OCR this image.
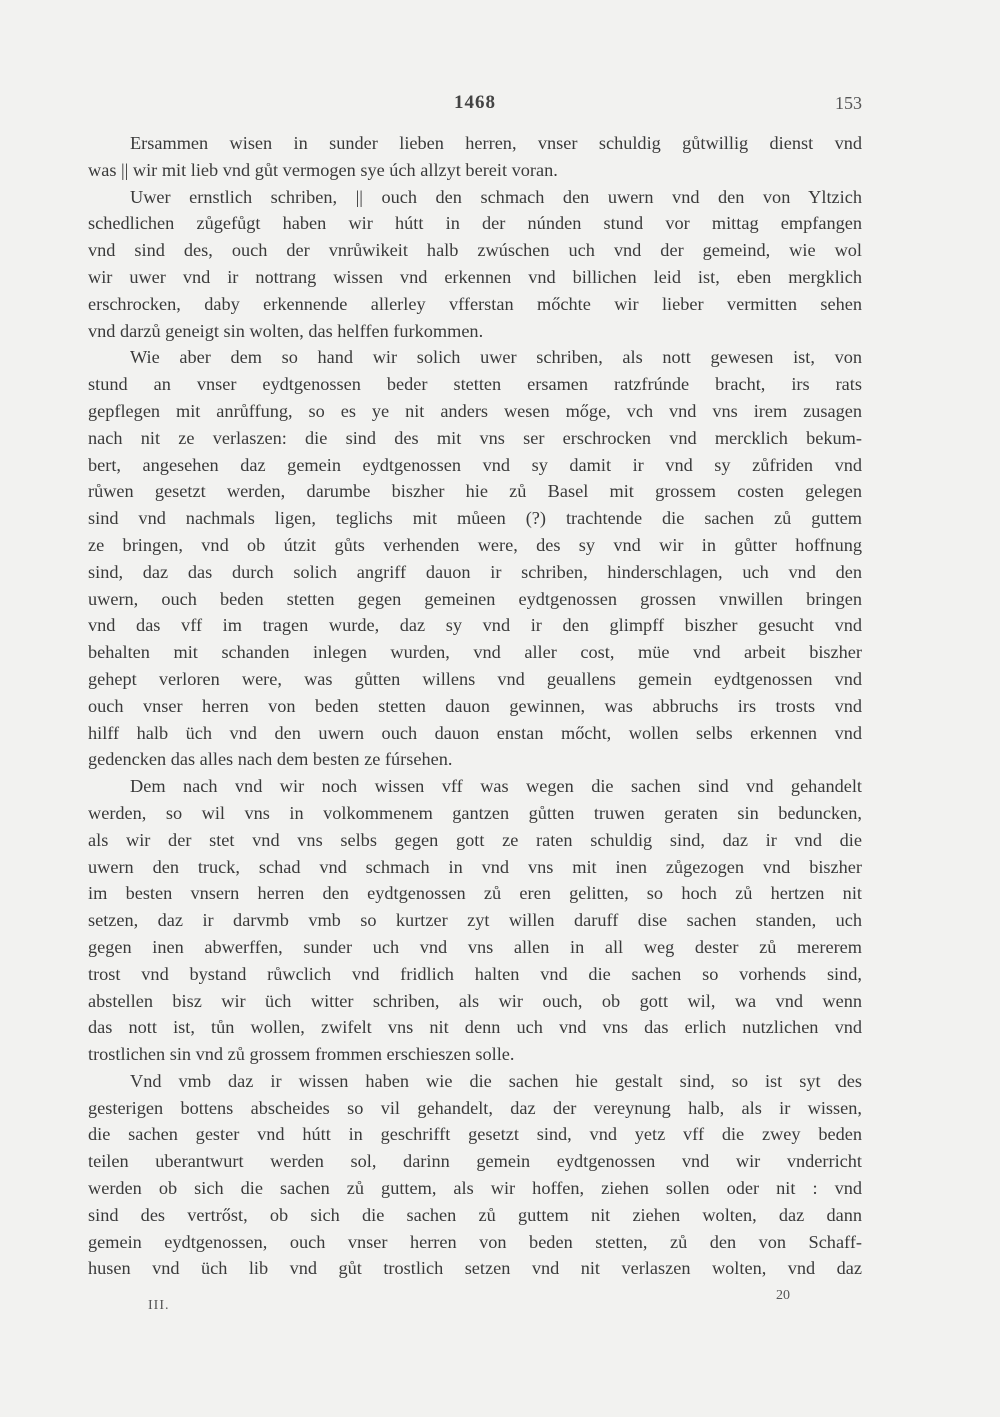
1468	153
Ersammen wisen in sunder lieben herren, vnser schuldig gůtwillig dienst vnd
was || wir mit lieb vnd gůt vermogen sye úch allzyt bereit voran.
Uwer ernstlich schriben, || ouch den schmach den uwern vnd den von Yltzich
schedlichen zůgefůgt haben wir hútt in der núnden stund vor mittag empfangen
vnd sind des, ouch der vnrůwikeit halb zwúschen uch vnd der gemeind, wie wol
wir uwer vnd ir nottrang wissen vnd erkennen vnd billichen leid ist, eben mergklich
erschrocken, daby erkennende allerley vfferstan mőchte wir lieber vermitten sehen
vnd darzů geneigt sin wolten, das helffen furkommen.
Wie aber dem so hand wir solich uwer schriben, als nott gewesen ist, von
stund an vnser eydtgenossen beder stetten ersamen ratzfrúnde bracht, irs rats
gepflegen mit anrůffung, so es ye nit anders wesen mőge, vch vnd vns irem zusagen
nach nit ze verlaszen: die sind des mit vns ser erschrocken vnd mercklich bekum-
bert, angesehen daz gemein eydtgenossen vnd sy damit ir vnd sy zůfriden vnd
růwen gesetzt werden, darumbe biszher hie zů Basel mit grossem costen gelegen
sind vnd nachmals ligen, teglichs mit můeen (?) trachtende die sachen zů guttem
ze bringen, vnd ob útzit gůts verhenden were, des sy vnd wir in gůtter hoffnung
sind, daz das durch solich angriff dauon ir schriben, hinderschlagen, uch vnd den
uwern, ouch beden stetten gegen gemeinen eydtgenossen grossen vnwillen bringen
vnd das vff im tragen wurde, daz sy vnd ir den glimpff biszher gesucht vnd
behalten mit schanden inlegen wurden, vnd aller cost, müe vnd arbeit biszher
gehept verloren were, was gůtten willens vnd geuallens gemein eydtgenossen vnd
ouch vnser herren von beden stetten dauon gewinnen, was abbruchs irs trosts vnd
hilff halb üch vnd den uwern ouch dauon enstan mőcht, wollen selbs erkennen vnd
gedencken das alles nach dem besten ze fúrsehen.
Dem nach vnd wir noch wissen vff was wegen die sachen sind vnd gehandelt
werden, so wil vns in volkommenem gantzen gůtten truwen geraten sin beduncken,
als wir der stet vnd vns selbs gegen gott ze raten schuldig sind, daz ir vnd die
uwern den truck, schad vnd schmach in vnd vns mit inen zůgezogen vnd biszher
im besten vnsern herren den eydtgenossen zů eren gelitten, so hoch zů hertzen nit
setzen, daz ir darvmb vmb so kurtzer zyt willen daruff dise sachen standen, uch
gegen inen abwerffen, sunder uch vnd vns allen in all weg dester zů mererem
trost vnd bystand růwclich vnd fridlich halten vnd die sachen so vorhends sind,
abstellen bisz wir üch witter schriben, als wir ouch, ob gott wil, wa vnd wenn
das nott ist, tůn wollen, zwifelt vns nit denn uch vnd vns das erlich nutzlichen vnd
trostlichen sin vnd zů grossem frommen erschieszen solle.
Vnd vmb daz ir wissen haben wie die sachen hie gestalt sind, so ist syt des
gesterigen bottens abscheides so vil gehandelt, daz der vereynung halb, als ir wissen,
die sachen gester vnd hútt in geschrifft gesetzt sind, vnd yetz vff die zwey beden
teilen uberantwurt werden sol, darinn gemein eydtgenossen vnd wir vnderricht
werden ob sich die sachen zů guttem, als wir hoffen, ziehen sollen oder nit : vnd
sind des vertrőst, ob sich die sachen zů guttem nit ziehen wolten, daz dann
gemein eydtgenossen, ouch vnser herren von beden stetten, zů den von Schaff-
husen vnd üch lib vnd gůt trostlich setzen vnd nit verlaszen wolten, vnd daz
III.
20
